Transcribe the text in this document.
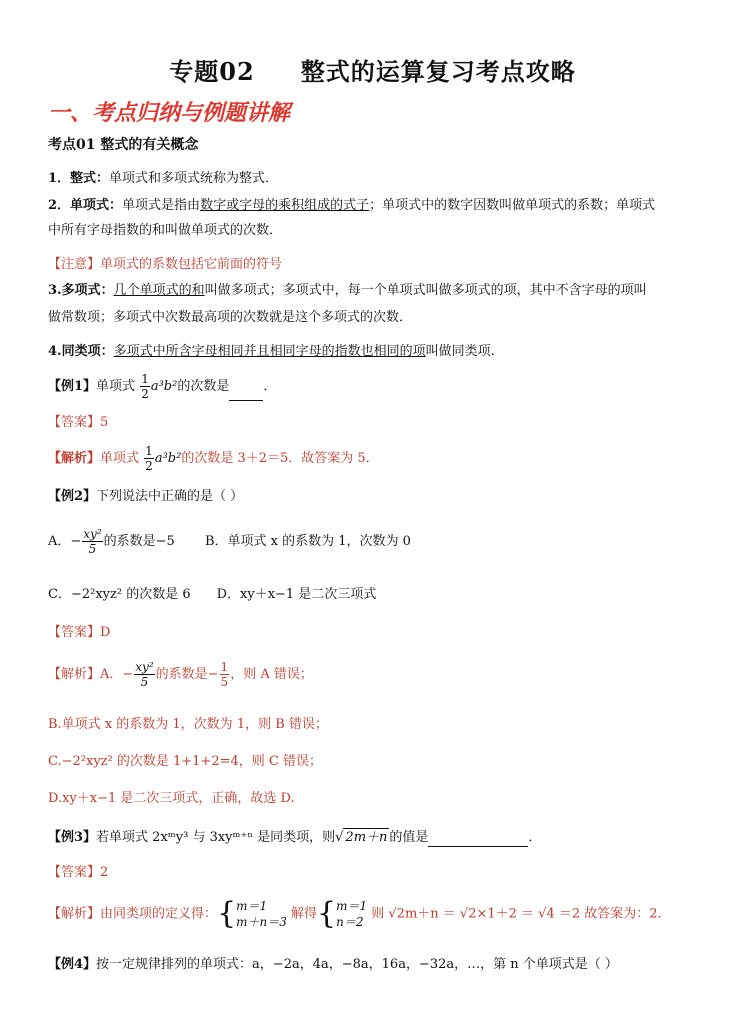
专题02 整式的运算复习考点攻略
一、考点归纳与例题讲解
考点01 整式的有关概念
1．整式：单项式和多项式统称为整式．
2．单项式：单项式是指由数字或字母的乘积组成的式子；单项式中的数字因数叫做单项式的系数；单项式
中所有字母指数的和叫做单项式的次数．
【注意】单项式的系数包括它前面的符号
3.多项式：几个单项式的和叫做多项式；多项式中，每一个单项式叫做多项式的项，其中不含字母的项叫
做常数项；多项式中次数最高项的次数就是这个多项式的次数．
4.同类项：多项式中所含字母相同并且相同字母的指数也相同的项叫做同类项.
【例1】单项式 $\frac{1}{2} a^3b^2$的次数是	．
【答案】5
【解析】单项式 $\frac{1}{2} a^3b^2$的次数是 3＋2＝5．故答案为 5．
【例2】下列说法中正确的是（ ）
A．− $\frac{\text{xy²}}{5}$ 的系数是−5 B．单项式 x 的系数为 1，次数为 0
C．−2²xyz² 的次数是 6 D．xy＋x−1 是二次三项式
【答案】D
【解析】A．− $\frac{\text{xy²}}{5}$ 的系数是− $\frac{1}{5}$ ，则 A 错误；
B.单项式 x 的系数为 1，次数为 1，则 B 错误；
C.−2²xyz² 的次数是 1+1+2=4，则 C 错误；
D.xy＋x−1 是二次三项式，正确，故选 D.
【例3】若单项式 2xᵐy³ 与 3xyᵐ⁺ⁿ 是同类项，则√ 2m＋n 的值是	．
【答案】2
【解析】由同类项的定义得：{ m＝1
m＋n＝3
解得{ m＝1
n＝2
则 √2m＋n ＝ √2×1＋2 ＝ √4 ＝2 故答案为：2．
【例4】按一定规律排列的单项式：a，−2a，4a，−8a，16a，−32a，…，第 n 个单项式是（ ）
